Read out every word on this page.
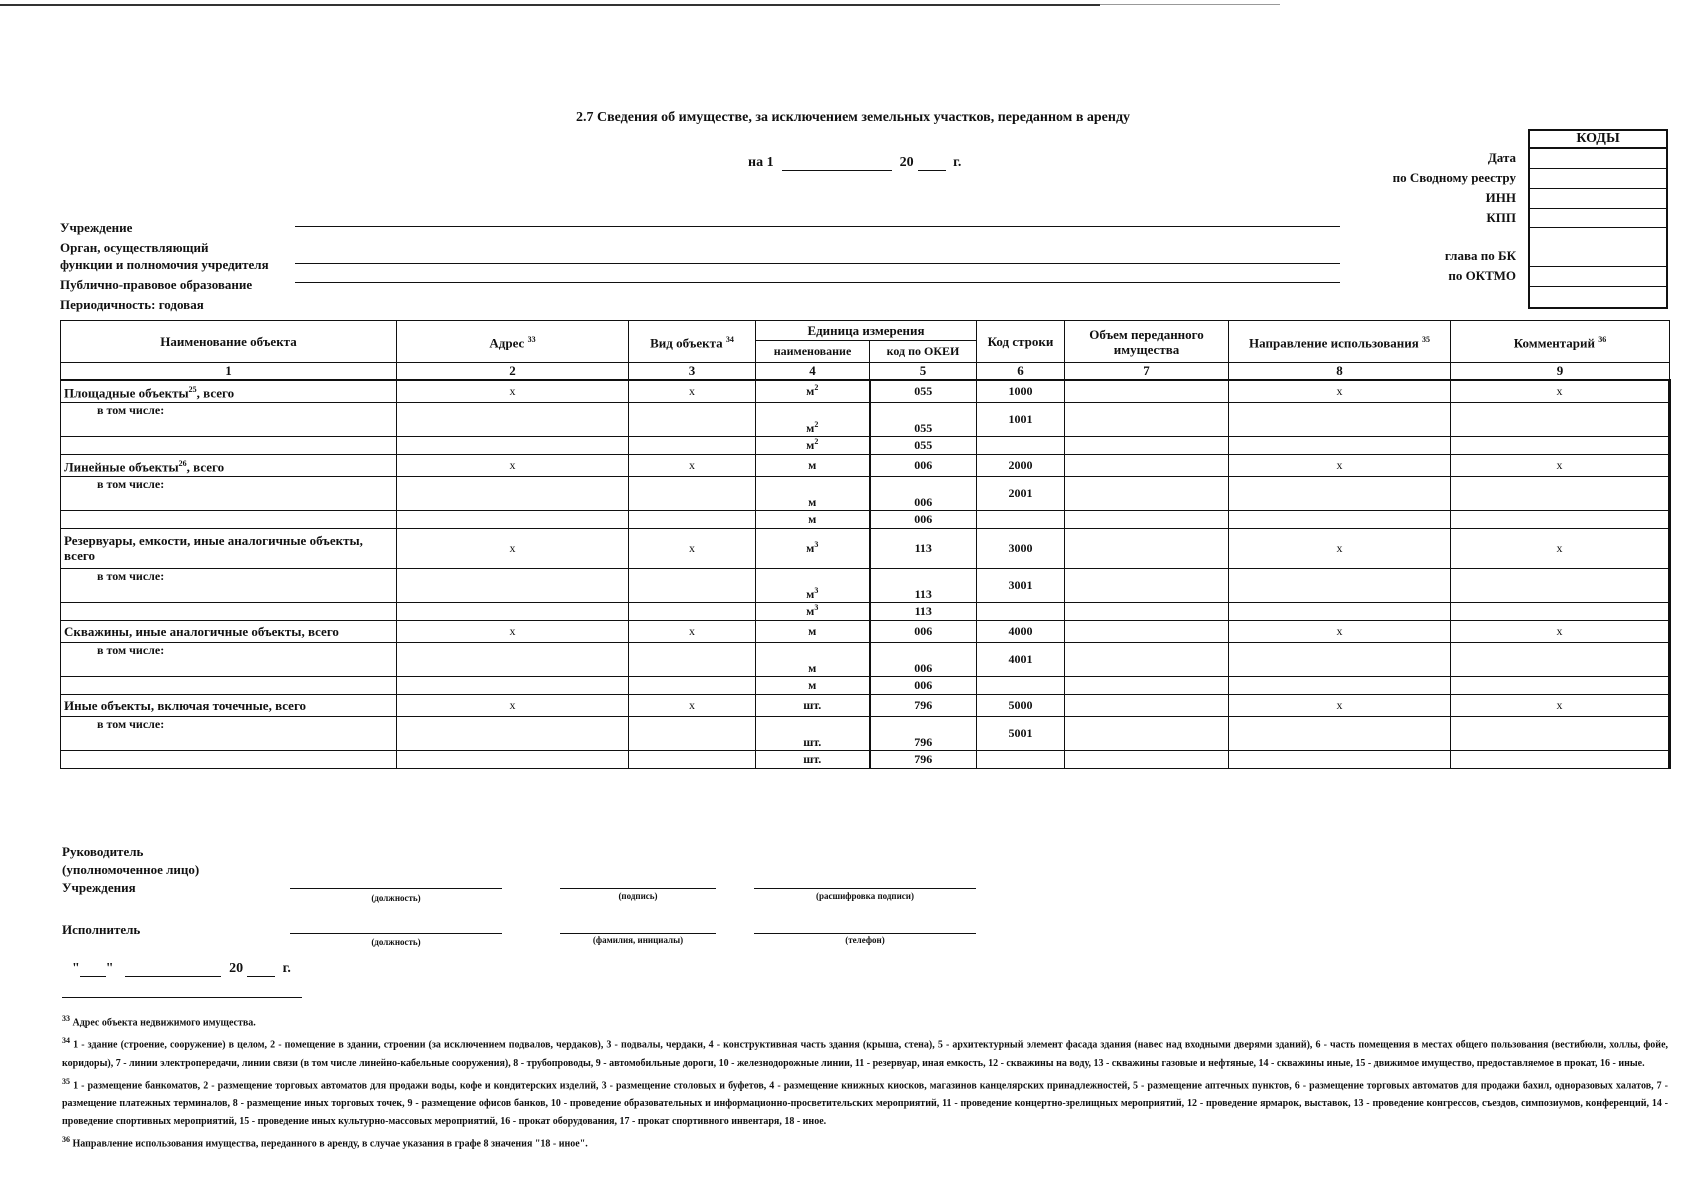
2.7 Сведения об имуществе, за исключением земельных участков, переданном в аренду
на 1	20	г.
Учреждение
Орган, осуществляющий
функции и полномочия учредителя
Публично-правовое образование
Периодичность: годовая
Дата
по Сводному реестру
ИНН
КПП
глава по БК
по ОКТМО
КОДЫ
Наименование объекта	Адрес $^{33}$	Вид объекта $^{34}$	Единица измерения		Код строки	Объем переданного имущества	Направление использования $^{35}$	Комментарий $^{36}$
			наименование	код по ОКЕИ				
1	2	3	4	5	6	7	8	9
Площадные объекты$^{25}$, всего	х	х	$м^2$	055	1000		х	х
в том числе:			$м^2$	055	1001			
			$м^2$	055				
Линейные объекты$^{26}$, всего	х	х	м	006	2000		х	х
в том числе:			м	006	2001			
			м	006				
Резервуары, емкости, иные аналогичные объекты, всего	х	х	$м^3$	113	3000		х	х
в том числе:			$м^3$	113	3001			
			$м^3$	113				
Скважины, иные аналогичные объекты, всего	х	х	м	006	4000		х	х
в том числе:			м	006	4001			
			м	006				
Иные объекты, включая точечные, всего	х	х	шт.	796	5000		х	х
в том числе:			шт.	796	5001			
			шт.	796				
Руководитель
(уполномоченное лицо)
Учреждения
(должность)	(подпись)	(расшифровка подписи)
Исполнитель
(должность)	(фамилия, инициалы)	(телефон)
" "	20	г.

$^{33}$ Адрес объекта недвижимого имущества.

$^{34}$ 1 - здание (строение, сооружение) в целом, 2 - помещение в здании, строении (за исключением подвалов, чердаков), 3 - подвалы, чердаки, 4 - конструктивная часть здания (крыша, стена), 5 - архитектурный элемент фасада здания (навес над входными дверями зданий), 6 - часть помещения в местах общего пользования (вестибюли, холлы, фойе, коридоры), 7 - линии электропередачи, линии связи (в том числе линейно-кабельные сооружения), 8 - трубопроводы, 9 - автомобильные дороги, 10 - железнодорожные линии, 11 - резервуар, иная емкость, 12 - скважины на воду, 13 - скважины газовые и нефтяные, 14 - скважины иные, 15 - движимое имущество, предоставляемое в прокат, 16 - иные.

$^{35}$ 1 - размещение банкоматов, 2 - размещение торговых автоматов для продажи воды, кофе и кондитерских изделий, 3 - размещение столовых и буфетов, 4 - размещение книжных киосков, магазинов канцелярских принадлежностей, 5 - размещение аптечных пунктов, 6 - размещение торговых автоматов для продажи бахил, одноразовых халатов, 7 - размещение платежных терминалов, 8 - размещение иных торговых точек, 9 - размещение офисов банков, 10 - проведение образовательных и информационно-просветительских мероприятий, 11 - проведение концертно-зрелищных мероприятий, 12 - проведение ярмарок, выставок, 13 - проведение конгрессов, съездов, симпозиумов, конференций, 14 - проведение спортивных мероприятий, 15 - проведение иных культурно-массовых мероприятий, 16 - прокат оборудования, 17 - прокат спортивного инвентаря, 18 - иное.

$^{36}$ Направление использования имущества, переданного в аренду, в случае указания в графе 8 значения "18 - иное".
